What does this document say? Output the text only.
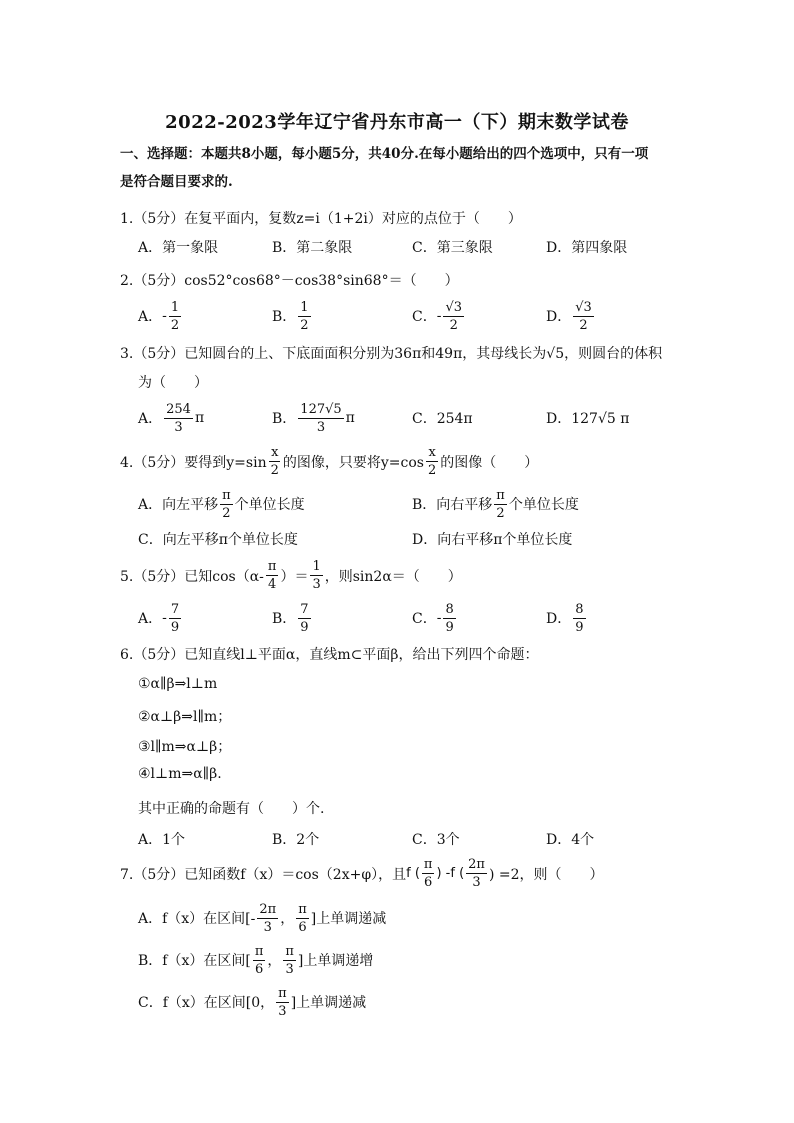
2022-2023学年辽宁省丹东市高一（下）期末数学试卷
一、选择题：本题共8小题，每小题5分，共40分.在每小题给出的四个选项中，只有一项
是符合题目要求的.
1.（5分）在复平面内，复数z=i（1+2i）对应的点位于（　　）
A．第一象限	B．第二象限	C．第三象限	D．第四象限
2.（5分）cos52°cos68°－cos38°sin68°＝（　　）
A． - $\frac{1}{2}$	B． $\frac{1}{2}$	C． - $\frac{√3}{2}$	D． $\frac{√3}{2}$
3.（5分）已知圆台的上、下底面面积分别为36π和49π，其母线长为√5，则圆台的体积
为（　　）
A． $\frac{254}{3}$ π	B． $\frac{127√5}{3}$ π	C．254π	D．127√5 π
4.（5分）要得到$y=\sin \frac{x}{2}$ 的图像，只要将$y=\cos \frac{x}{2}$ 的图像（　　）
A．向左平移 $\frac{\pi}{2}$ 个单位长度	B．向右平移 $\frac{\pi}{2}$ 个单位长度
C．向左平移π个单位长度	D．向右平移π个单位长度
5.（5分）已知$\cos(\alpha- \frac{\pi}{4}$ ）＝ $\frac{1}{3}$ ，则sin2α＝（　　）
A． - $\frac{7}{9}$	B． $\frac{7}{9}$	C． - $\frac{8}{9}$	D． $\frac{8}{9}$
6.（5分）已知直线l⊥平面α，直线m⊂平面β，给出下列四个命题：
①α∥β⇒l⊥m
②α⊥β⇒l∥m；
③l∥m⇒α⊥β；
④l⊥m⇒α∥β.
其中正确的命题有（　　）个.
A．1个	B．2个	C．3个	D．4个
7.（5分）已知函数f（x）＝cos（2x+φ），且 f ( $\frac{\pi}{6}$ ) -f ( $\frac{2\pi}{3}$ ) =2，则（　　）
A．f（x）在区间[- $\frac{2\pi}{3}$ ， $\frac{\pi}{6}$ ]上单调递减
B．f（x）在区间[ $\frac{\pi}{6}$ ， $\frac{\pi}{3}$ ]上单调递增
C．f（x）在区间[0， $\frac{\pi}{3}$ ]上单调递减
